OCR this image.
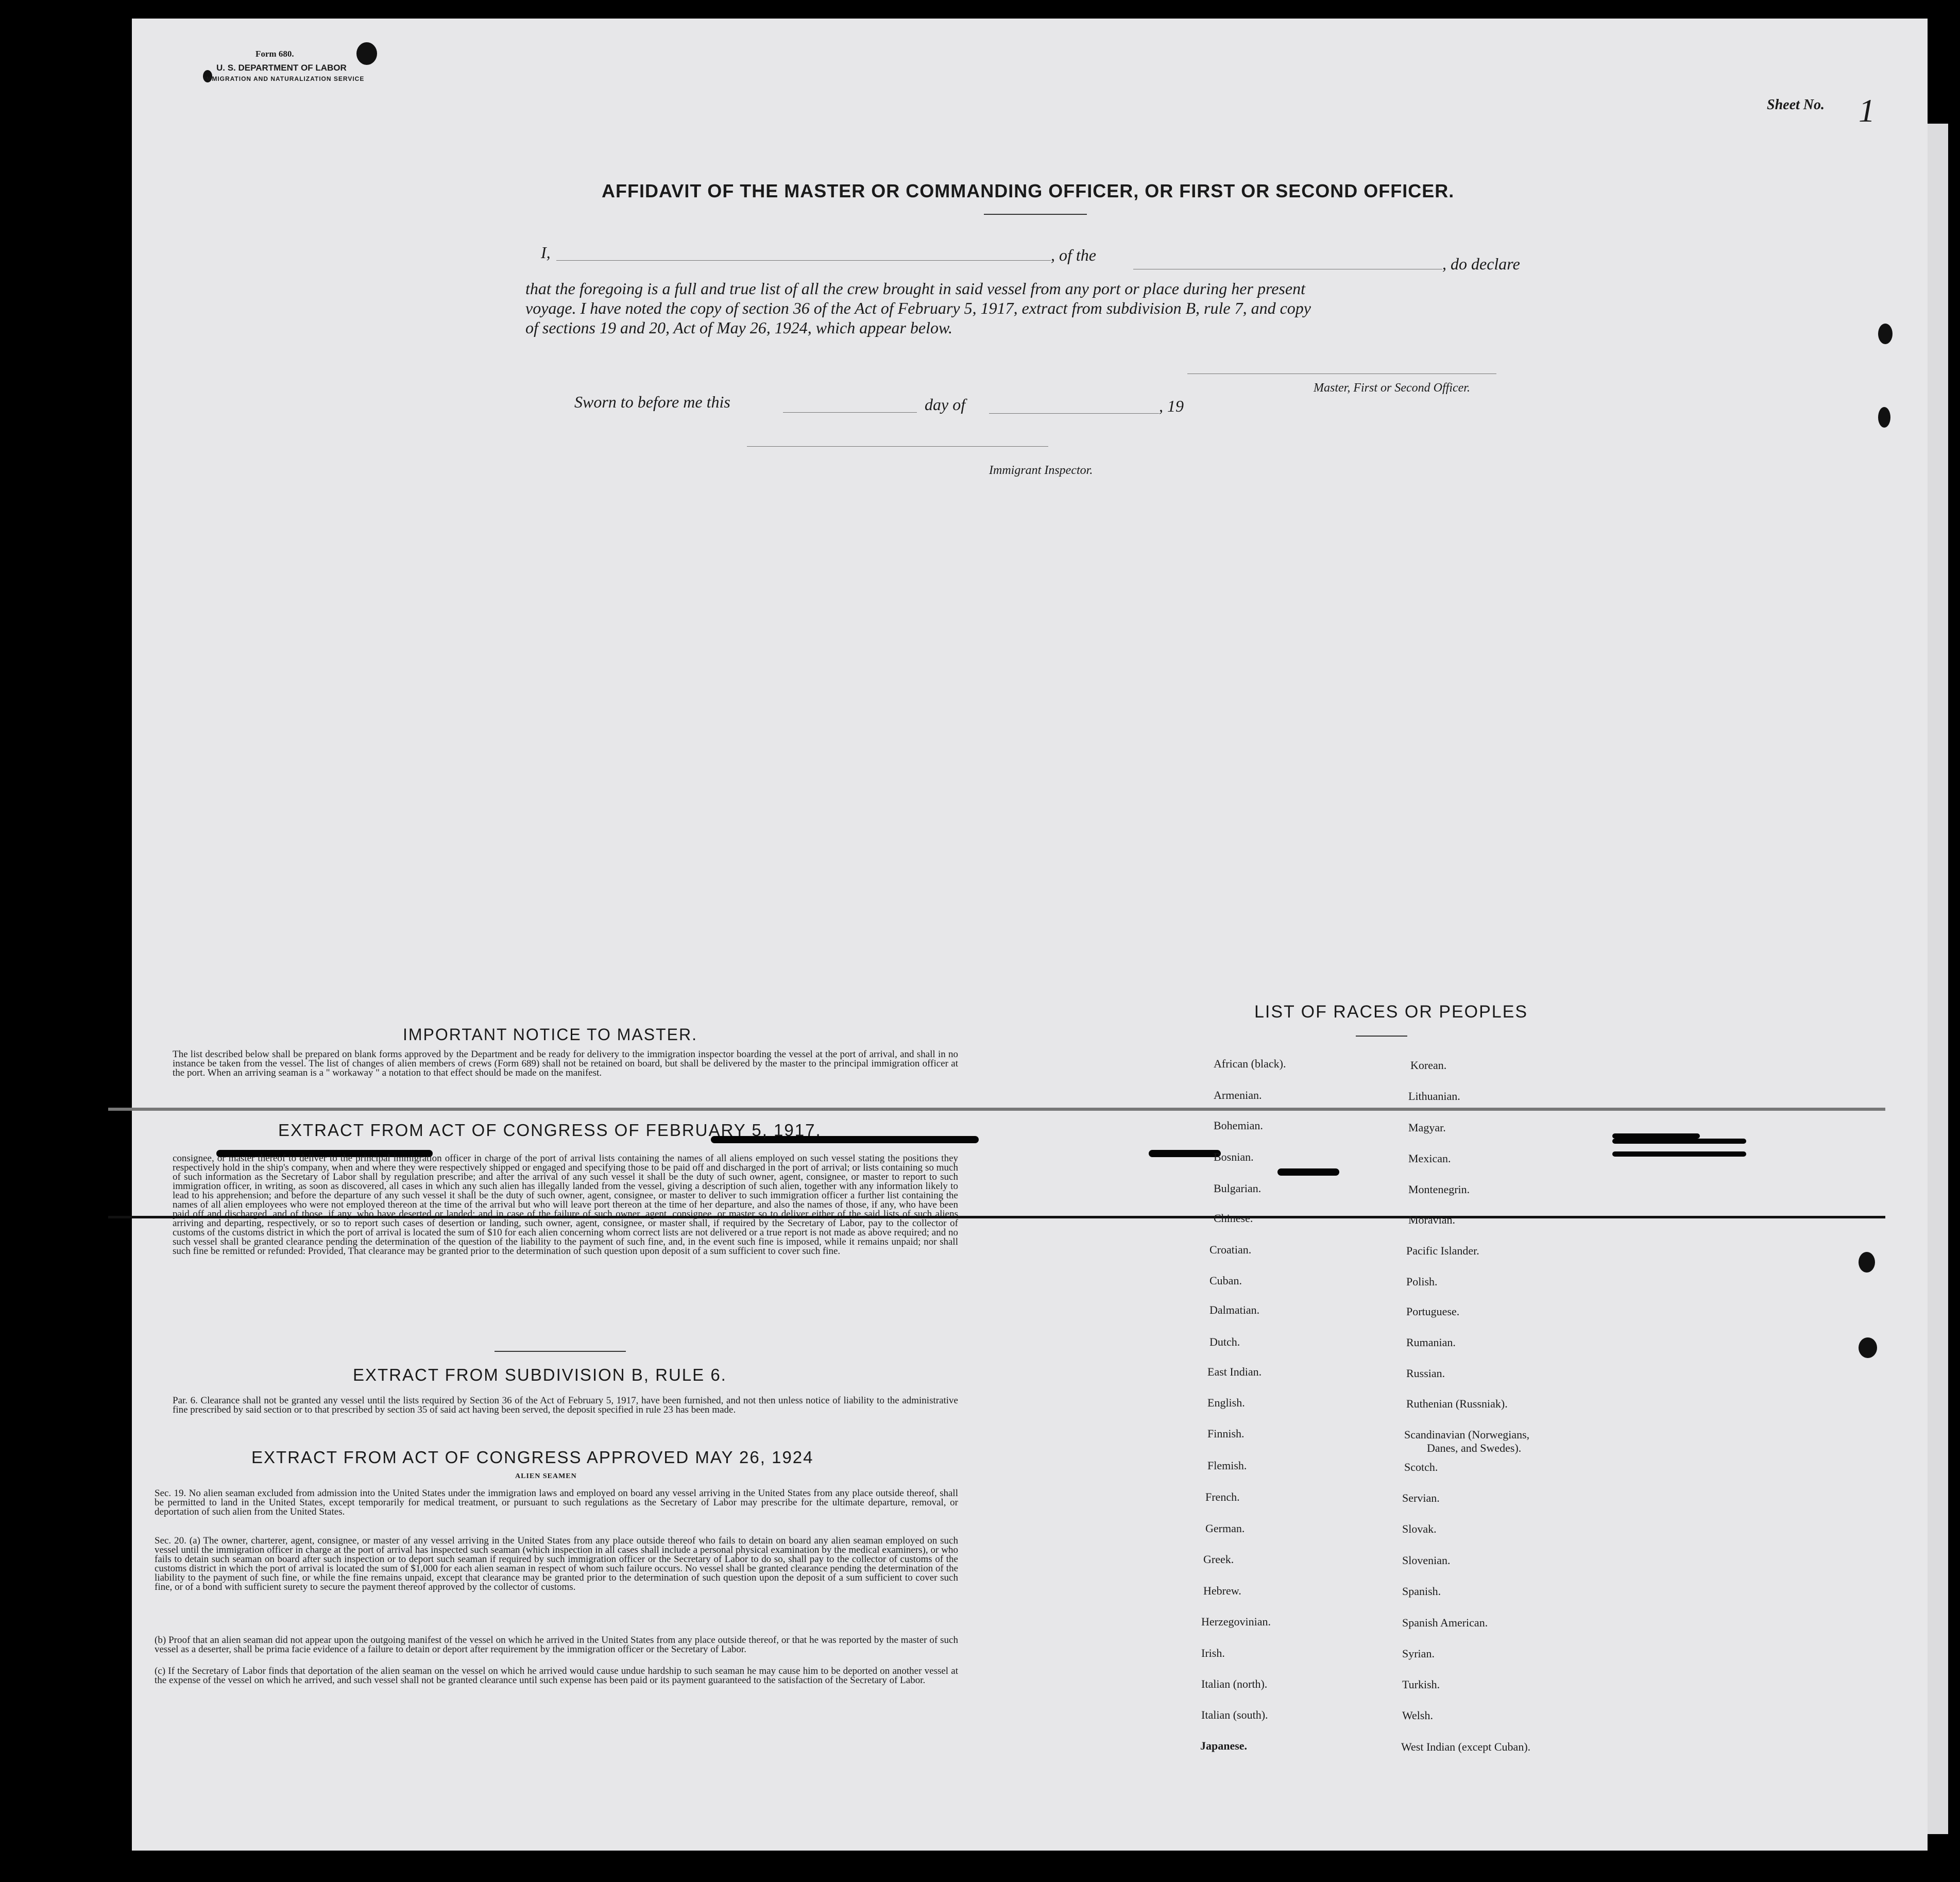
Form 680.
U. S. DEPARTMENT OF LABOR
IMMIGRATION AND NATURALIZATION SERVICE
Sheet No. 1
AFFIDAVIT OF THE MASTER OR COMMANDING OFFICER, OR FIRST OR SECOND OFFICER.
I,	, of the	, do declare
that the foregoing is a full and true list of all the crew brought in said vessel from any port or place during her present
voyage. I have noted the copy of section 36 of the Act of February 5, 1917, extract from subdivision B, rule 7, and copy
of sections 19 and 20, Act of May 26, 1924, which appear below.
Master, First or Second Officer.
Sworn to before me this	day of	, 19
Immigrant Inspector.
IMPORTANT NOTICE TO MASTER.
The list described below shall be prepared on blank forms approved by the Department and be ready for delivery to the immigration inspector boarding the vessel at the port of arrival, and shall in no instance be taken from the vessel. The list of changes of alien members of crews (Form 689) shall not be retained on board, but shall be delivered by the master to the principal immigration officer at the port. When an arriving seaman is a " workaway " a notation to that effect should be made on the manifest.
EXTRACT FROM ACT OF CONGRESS OF FEBRUARY 5, 1917.
consignee, or master thereof to deliver to the principal immigration officer in charge of the port of arrival lists containing the names of all aliens employed on such vessel stating the positions they respectively hold in the ship's company, when and where they were respectively shipped or engaged and specifying those to be paid off and discharged in the port of arrival; or lists containing so much of such information as the Secretary of Labor shall by regulation prescribe; and after the arrival of any such vessel it shall be the duty of such owner, agent, consignee, or master to report to such immigration officer, in writing, as soon as discovered, all cases in which any such alien has illegally landed from the vessel, giving a description of such alien, together with any information likely to lead to his apprehension; and before the departure of any such vessel it shall be the duty of such owner, agent, consignee, or master to deliver to such immigration officer a further list containing the names of all alien employees who were not employed thereon at the time of the arrival but who will leave port thereon at the time of her departure, and also the names of those, if any, who have been paid off and discharged, and of those, if any, who have deserted or landed; and in case of the failure of such owner, agent, consignee, or master so to deliver either of the said lists of such aliens arriving and departing, respectively, or so to report such cases of desertion or landing, such owner, agent, consignee, or master shall, if required by the Secretary of Labor, pay to the collector of customs of the customs district in which the port of arrival is located the sum of $10 for each alien concerning whom correct lists are not delivered or a true report is not made as above required; and no such vessel shall be granted clearance pending the determination of the question of the liability to the payment of such fine, and, in the event such fine is imposed, while it remains unpaid; nor shall such fine be remitted or refunded: Provided, That clearance may be granted prior to the determination of such question upon deposit of a sum sufficient to cover such fine.
EXTRACT FROM SUBDIVISION B, RULE 6.
Par. 6. Clearance shall not be granted any vessel until the lists required by Section 36 of the Act of February 5, 1917, have been furnished, and not then unless notice of liability to the administrative fine prescribed by said section or to that prescribed by section 35 of said act having been served, the deposit specified in rule 23 has been made.
EXTRACT FROM ACT OF CONGRESS APPROVED MAY 26, 1924
ALIEN SEAMEN
Sec. 19. No alien seaman excluded from admission into the United States under the immigration laws and employed on board any vessel arriving in the United States from any place outside thereof, shall be permitted to land in the United States, except temporarily for medical treatment, or pursuant to such regulations as the Secretary of Labor may prescribe for the ultimate departure, removal, or deportation of such alien from the United States.
Sec. 20. (a) The owner, charterer, agent, consignee, or master of any vessel arriving in the United States from any place outside thereof who fails to detain on board any alien seaman employed on such vessel until the immigration officer in charge at the port of arrival has inspected such seaman (which inspection in all cases shall include a personal physical examination by the medical examiners), or who fails to detain such seaman on board after such inspection or to deport such seaman if required by such immigration officer or the Secretary of Labor to do so, shall pay to the collector of customs of the customs district in which the port of arrival is located the sum of $1,000 for each alien seaman in respect of whom such failure occurs. No vessel shall be granted clearance pending the determination of the liability to the payment of such fine, or while the fine remains unpaid, except that clearance may be granted prior to the determination of such question upon the deposit of a sum sufficient to cover such fine, or of a bond with sufficient surety to secure the payment thereof approved by the collector of customs.
(b) Proof that an alien seaman did not appear upon the outgoing manifest of the vessel on which he arrived in the United States from any place outside thereof, or that he was reported by the master of such vessel as a deserter, shall be prima facie evidence of a failure to detain or deport after requirement by the immigration officer or the Secretary of Labor.
(c) If the Secretary of Labor finds that deportation of the alien seaman on the vessel on which he arrived would cause undue hardship to such seaman he may cause him to be deported on another vessel at the expense of the vessel on which he arrived, and such vessel shall not be granted clearance until such expense has been paid or its payment guaranteed to the satisfaction of the Secretary of Labor.
LIST OF RACES OR PEOPLES
African (black).
Armenian.
Bohemian.
Bosnian.
Bulgarian.
Chinese.
Croatian.
Cuban.
Dalmatian.
Dutch.
East Indian.
English.
Finnish.
Flemish.
French.
German.
Greek.
Hebrew.
Herzegovinian.
Irish.
Italian (north).
Italian (south).
Japanese.
Korean.
Lithuanian.
Magyar.
Mexican.
Montenegrin.
Moravian.
Pacific Islander.
Polish.
Portuguese.
Rumanian.
Russian.
Ruthenian (Russniak).
Scandinavian (Norwegians,
Danes, and Swedes).
Scotch.
Servian.
Slovak.
Slovenian.
Spanish.
Spanish American.
Syrian.
Turkish.
Welsh.
West Indian (except Cuban).
